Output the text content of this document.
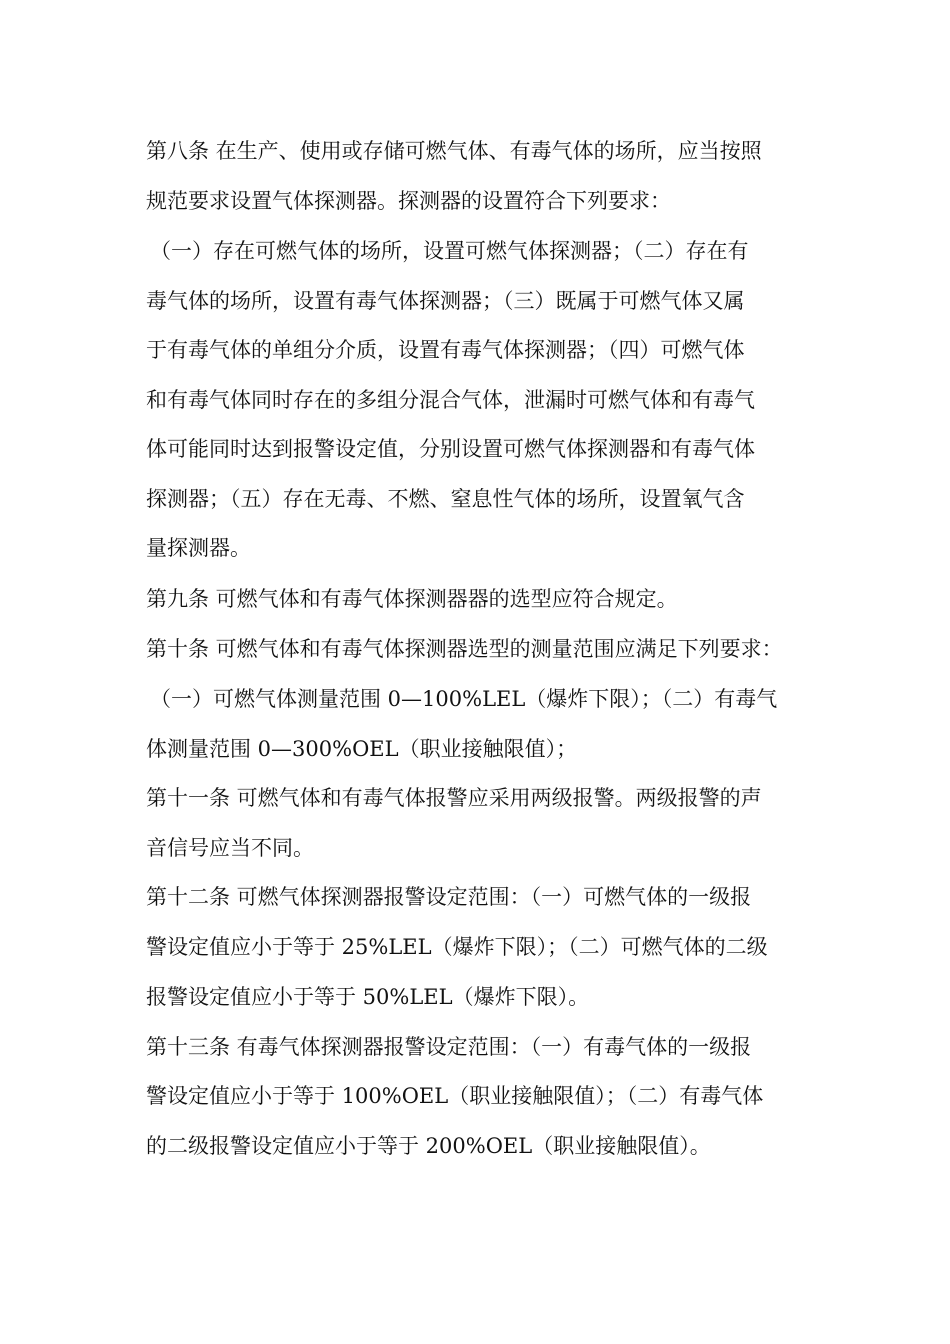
第八条 在生产、使用或存储可燃气体、有毒气体的场所，应当按照
规范要求设置气体探测器。探测器的设置符合下列要求：
（一）存在可燃气体的场所，设置可燃气体探测器；（二）存在有
毒气体的场所，设置有毒气体探测器；（三）既属于可燃气体又属
于有毒气体的单组分介质，设置有毒气体探测器；（四）可燃气体
和有毒气体同时存在的多组分混合气体，泄漏时可燃气体和有毒气
体可能同时达到报警设定值，分别设置可燃气体探测器和有毒气体
探测器；（五）存在无毒、不燃、窒息性气体的场所，设置氧气含
量探测器。
第九条 可燃气体和有毒气体探测器器的选型应符合规定。
第十条 可燃气体和有毒气体探测器选型的测量范围应满足下列要求：
（一）可燃气体测量范围 0—100%LEL（爆炸下限）；（二）有毒气
体测量范围 0—300%OEL（职业接触限值）；
第十一条 可燃气体和有毒气体报警应采用两级报警。两级报警的声
音信号应当不同。
第十二条 可燃气体探测器报警设定范围：（一）可燃气体的一级报
警设定值应小于等于 25%LEL（爆炸下限）；（二）可燃气体的二级
报警设定值应小于等于 50%LEL（爆炸下限）。
第十三条 有毒气体探测器报警设定范围：（一）有毒气体的一级报
警设定值应小于等于 100%OEL（职业接触限值）；（二）有毒气体
的二级报警设定值应小于等于 200%OEL（职业接触限值）。
